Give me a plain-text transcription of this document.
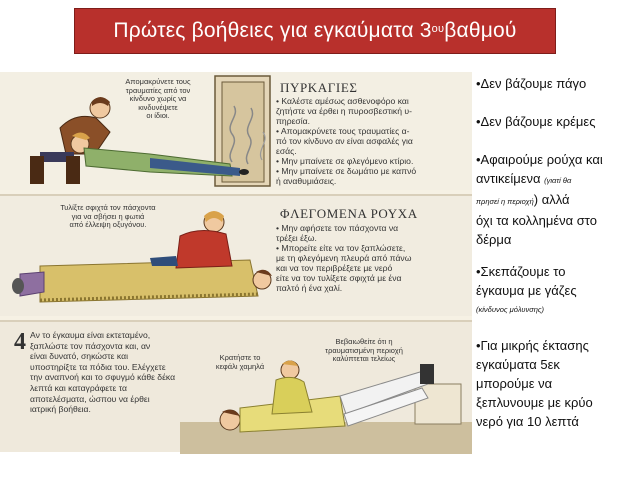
Πρώτες βοήθειες για εγκαύματα $3^{o\upsilon}$ βαθμού
Απομακρύνετε τους
τραυματίες από τον
κίνδυνο χωρίς να
κινδυνέψετε
οι ίδιοι.
ΠΥΡΚΑΓΙΕΣ
• Καλέστε αμέσως ασθενοφόρο και
ζητήστε να έρθει η πυροσβεστική υ-
πηρεσία.
• Απομακρύνετε τους τραυματίες α-
πό τον κίνδυνο αν είναι ασφαλές για
εσάς.
• Μην μπαίνετε σε φλεγόμενο κτίριο.
• Μην μπαίνετε σε δωμάτιο με καπνό
ή αναθυμιάσεις.
Τυλίξτε σφιχτά τον πάσχοντα
για να σβήσει η φωτιά
από έλλειψη οξυγόνου.
ΦΛΕΓΟΜΕΝΑ ΡΟΥΧΑ
• Μην αφήσετε τον πάσχοντα να
τρέξει έξω.
• Μπορείτε είτε να τον ξαπλώσετε,
με τη φλεγόμενη πλευρά από πάνω
και να τον περιβρέξετε με νερό
είτε να τον τυλίξετε σφιχτά με ένα
παλτό ή ένα χαλί.
4 Αν το έγκαυμα είναι εκτεταμένο,
ξαπλώστε τον πάσχοντα και, αν
είναι δυνατό, σηκώστε και
υποστηρίξτε τα πόδια του. Ελέγχετε
την αναπνοή και το σφυγμό κάθε δέκα
λεπτά και καταγράφετε τα
αποτελέσματα, ώσπου να έρθει
ιατρική βοήθεια.
Κρατήστε το
κεφάλι χαμηλά
Βεβαιωθείτε ότι η
τραυματισμένη περιοχή
καλύπτεται τελείως
•Δεν βάζουμε πάγο
•Δεν βάζουμε κρέμες
•Αφαιρούμε ρούχα και
αντικείμενα (γιατί θα
πρησεί η περιοχή) αλλά
όχι τα κολλημένα στο
δέρμα
•Σκεπάζουμε το
έγκαυμα με γάζες
(κίνδυνος μόλυνσης)
•Για μικρής έκτασης
εγκαύματα 5εκ
μπορούμε να
ξεπλυνουμε με κρύο
νερό για 10 λεπτά
